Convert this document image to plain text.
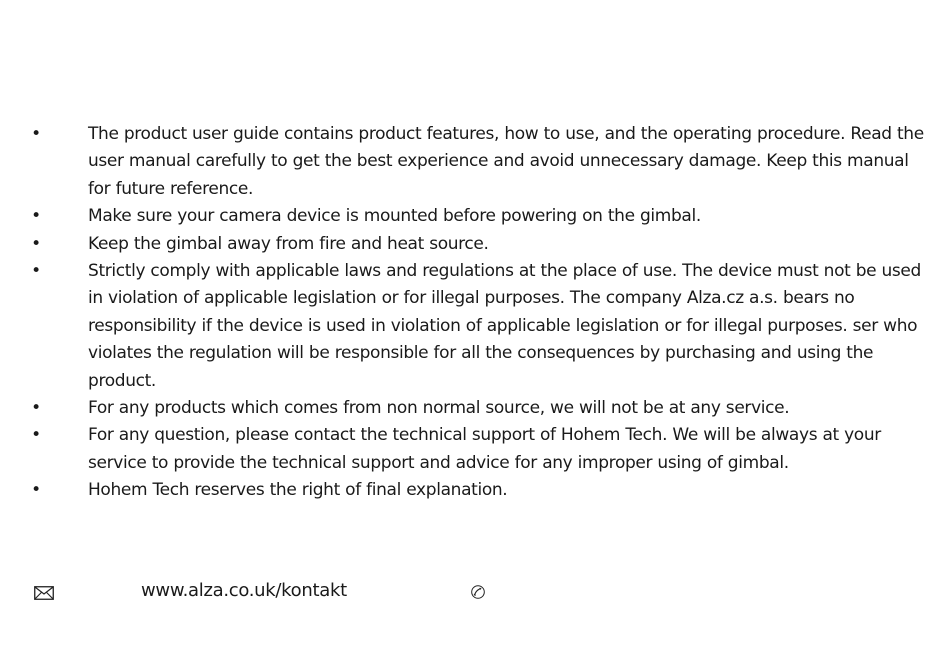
•	The product user guide contains product features, how to use, and the operating procedure. Read the user manual carefully to get the best experience and avoid unnecessary damage. Keep this manual for future reference.
•	Make sure your camera device is mounted before powering on the gimbal.
•	Keep the gimbal away from fire and heat source.
•	Strictly comply with applicable laws and regulations at the place of use. The device must not be used in violation of applicable legislation or for illegal purposes. The company Alza.cz a.s. bears no responsibility if the device is used in violation of applicable legislation or for illegal purposes. ser who violates the regulation will be responsible for all the consequences by purchasing and using the product.
•	For any products which comes from non normal source, we will not be at any service.
•	For any question, please contact the technical support of Hohem Tech. We will be always at your service to provide the technical support and advice for any improper using of gimbal.
•	Hohem Tech reserves the right of final explanation.
www.alza.co.uk/kontakt
